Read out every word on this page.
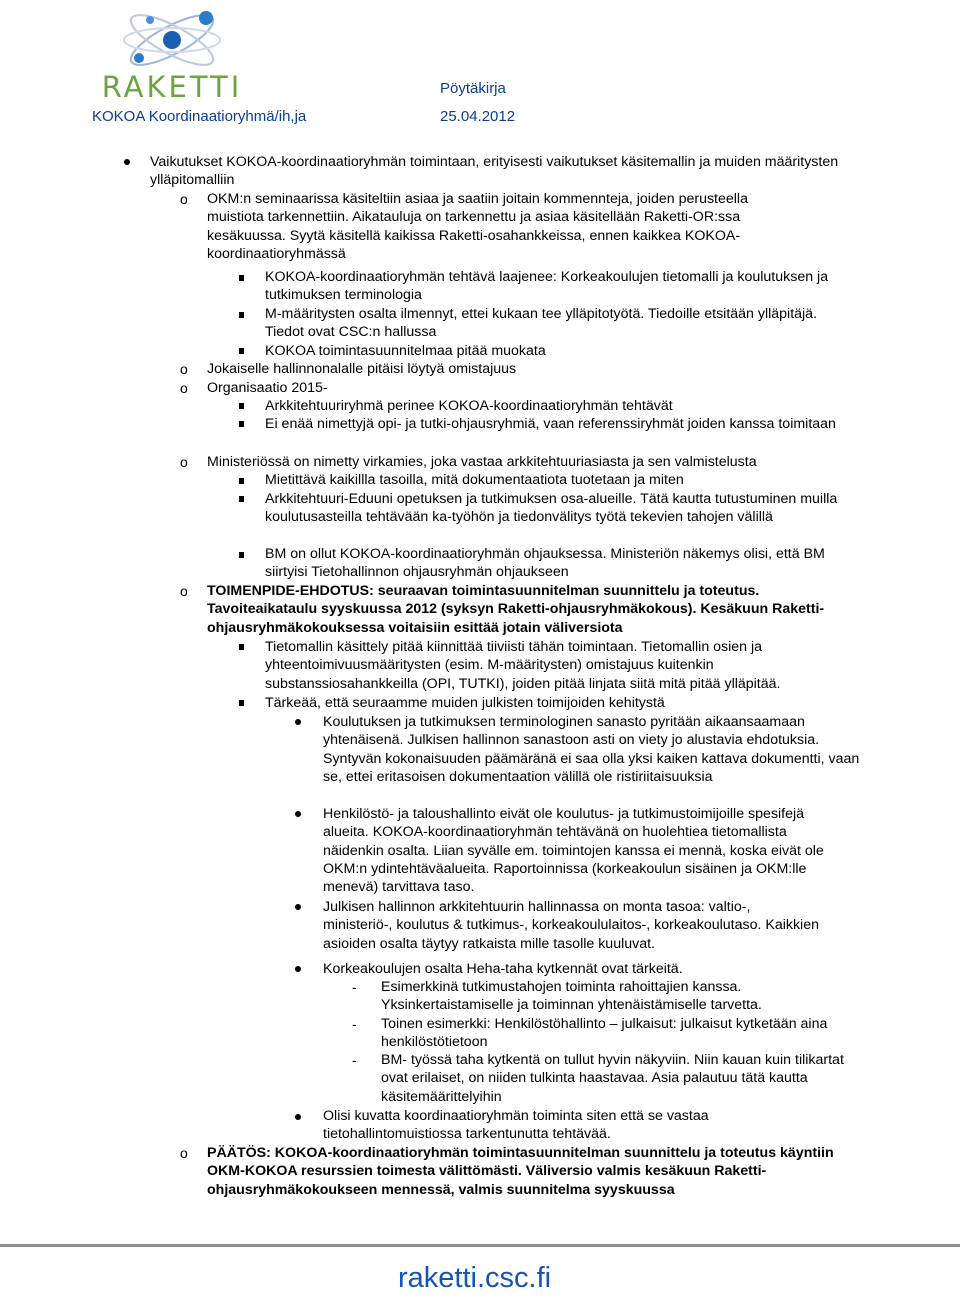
RAKETTI	Pöytäkirja
KOKOA Koordinaatioryhmä/ih,ja	25.04.2012
Vaikutukset KOKOA-koordinaatioryhmän toimintaan, erityisesti vaikutukset käsitemallin ja muiden määritysten ylläpitomalliin
o OKM:n seminaarissa käsiteltiin asiaa ja saatiin joitain kommennteja, joiden perusteella muistiota tarkennettiin. Aikatauluja on tarkennettu ja asiaa käsitellään Raketti-OR:ssa kesäkuussa. Syytä käsitellä kaikissa Raketti-osahankkeissa, ennen kaikkea KOKOA-koordinaatioryhmässä
KOKOA-koordinaatioryhmän tehtävä laajenee: Korkeakoulujen tietomalli ja koulutuksen ja tutkimuksen terminologia
M-määritysten osalta ilmennyt, ettei kukaan tee ylläpitotyötä. Tiedoille etsitään ylläpitäjä. Tiedot ovat CSC:n hallussa
KOKOA toimintasuunnitelmaa pitää muokata
o Jokaiselle hallinnonalalle pitäisi löytyä omistajuus
o Organisaatio 2015-
Arkkitehtuuriryhmä perinee KOKOA-koordinaatioryhmän tehtävät
Ei enää nimettyjä opi- ja tutki-ohjausryhmiä, vaan referenssiryhmät joiden kanssa toimitaan
o Ministeriössä on nimetty virkamies, joka vastaa arkkitehtuuriasiasta ja sen valmistelusta
Mietittävä kaikillla tasoilla, mitä dokumentaatiota tuotetaan ja miten
Arkkitehtuuri-Eduuni opetuksen ja tutkimuksen osa-alueille. Tätä kautta tutustuminen muilla koulutusasteilla tehtävään ka-työhön ja tiedonvälitys työtä tekevien tahojen välillä
BM on ollut KOKOA-koordinaatioryhmän ohjauksessa. Ministeriön näkemys olisi, että BM siirtyisi Tietohallinnon ohjausryhmän ohjaukseen
o TOIMENPIDE-EHDOTUS: seuraavan toimintasuunnitelman suunnittelu ja toteutus. Tavoiteaikataulu syyskuussa 2012 (syksyn Raketti-ohjausryhmäkokous). Kesäkuun Raketti-ohjausryhmäkokouksessa voitaisiin esittää jotain väliversiota
Tietomallin käsittely pitää kiinnittää tiiviisti tähän toimintaan. Tietomallin osien ja yhteentoimivuusmääritysten (esim. M-määritysten) omistajuus kuitenkin substanssiosahankkeilla (OPI, TUTKI), joiden pitää linjata siitä mitä pitää ylläpitää.
Tärkeää, että seuraamme muiden julkisten toimijoiden kehitystä
Koulutuksen ja tutkimuksen terminologinen sanasto pyritään aikaansaamaan yhtenäisenä. Julkisen hallinnon sanastoon asti on viety jo alustavia ehdotuksia. Syntyvän kokonaisuuden päämäränä ei saa olla yksi kaiken kattava dokumentti, vaan se, ettei eritasoisen dokumentaation välillä ole ristiriitaisuuksia
Henkilöstö- ja taloushallinto eivät ole koulutus- ja tutkimustoimijoille spesifejä alueita. KOKOA-koordinaatioryhmän tehtävänä on huolehtiea tietomallista näidenkin osalta. Liian syvälle em. toimintojen kanssa ei mennä, koska eivät ole OKM:n ydintehtäväalueita. Raportoinnissa (korkeakoulun sisäinen ja OKM:lle menevä) tarvittava taso.
Julkisen hallinnon arkkitehtuurin hallinnassa on monta tasoa: valtio-, ministeriö-, koulutus & tutkimus-, korkeakoululaitos-, korkeakoulutaso. Kaikkien asioiden osalta täytyy ratkaista mille tasolle kuuluvat.
Korkeakoulujen osalta Heha-taha kytkennät ovat tärkeitä.
- Esimerkkinä tutkimustahojen toiminta rahoittajien kanssa. Yksinkertaistamiselle ja toiminnan yhtenäistämiselle tarvetta.
- Toinen esimerkki: Henkilöstöhallinto – julkaisut: julkaisut kytketään aina henkilöstötietoon
- BM- työssä taha kytkentä on tullut hyvin näkyviin. Niin kauan kuin tilikartat ovat erilaiset, on niiden tulkinta haastavaa. Asia palautuu tätä kautta käsitemäärittelyihin
Olisi kuvatta koordinaatioryhmän toiminta siten että se vastaa tietohallintomuistiossa tarkentunutta tehtävää.
o PÄÄTÖS: KOKOA-koordinaatioryhmän toimintasuunnitelman suunnittelu ja toteutus käyntiin OKM-KOKOA resurssien toimesta välittömästi. Väliversio valmis kesäkuun Raketti-ohjausryhmäkokoukseen mennessä, valmis suunnitelma syyskuussa
raketti.csc.fi
